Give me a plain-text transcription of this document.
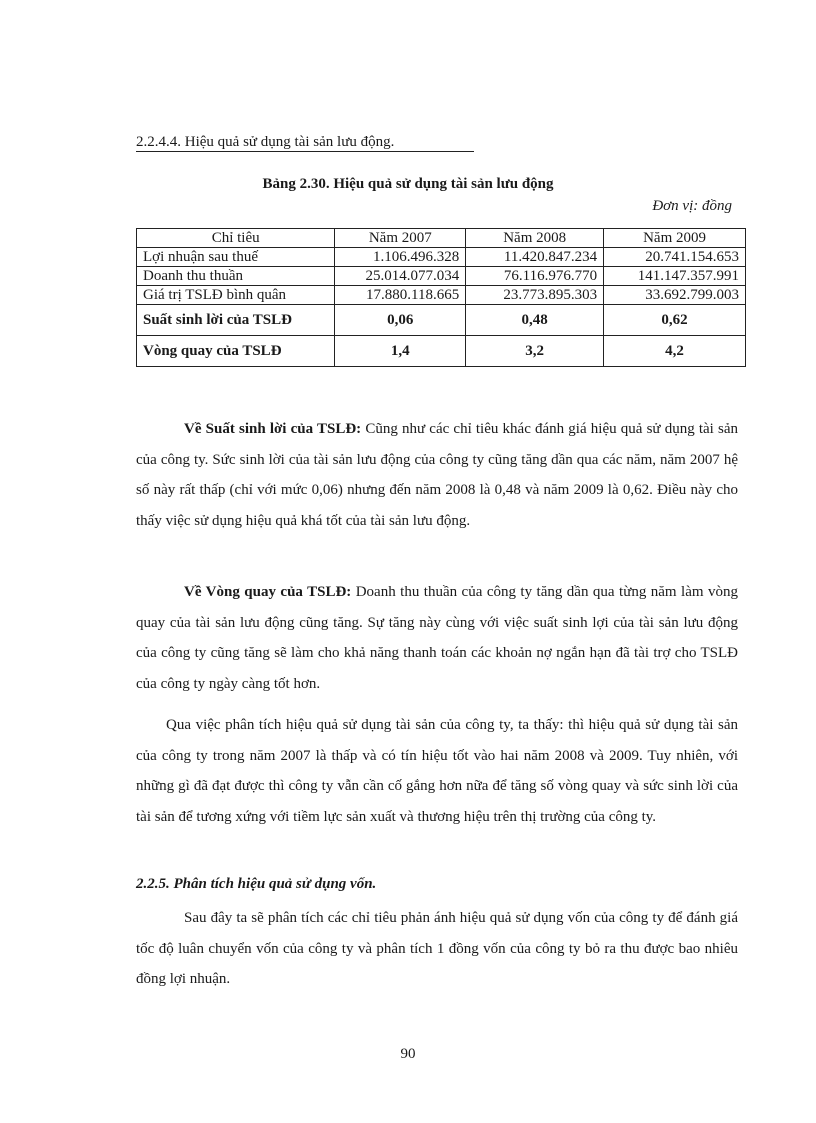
2.2.4.4. Hiệu quả sử dụng tài sản lưu động.
Bảng 2.30. Hiệu quả sử dụng tài sản lưu động
Đơn vị: đồng
Chỉ tiêu	Năm 2007	Năm 2008	Năm 2009
Lợi nhuận sau thuế	1.106.496.328	11.420.847.234	20.741.154.653
Doanh thu thuần	25.014.077.034	76.116.976.770	141.147.357.991
Giá trị TSLĐ bình quân	17.880.118.665	23.773.895.303	33.692.799.003
Suất sinh lời của TSLĐ	0,06	0,48	0,62
Vòng quay của TSLĐ	1,4	3,2	4,2

Về Suất sinh lời của TSLĐ: Cũng như các chỉ tiêu khác đánh giá hiệu quả sử dụng tài sản của công ty. Sức sinh lời của tài sản lưu động của công ty cũng tăng dần qua các năm, năm 2007 hệ số này rất thấp (chỉ với mức 0,06) nhưng đến năm 2008 là 0,48 và năm 2009 là 0,62. Điều này cho thấy việc sử dụng hiệu quả khá tốt của tài sản lưu động.

Về Vòng quay của TSLĐ: Doanh thu thuần của công ty tăng dần qua từng năm làm vòng quay của tài sản lưu động cũng tăng. Sự tăng này cùng với việc suất sinh lợi của tài sản lưu động của công ty cũng tăng sẽ làm cho khả năng thanh toán các khoản nợ ngắn hạn đã tài trợ cho TSLĐ của công ty ngày càng tốt hơn.

Qua việc phân tích hiệu quả sử dụng tài sản của công ty, ta thấy: thì hiệu quả sử dụng tài sản của công ty trong năm 2007 là thấp và có tín hiệu tốt vào hai năm 2008 và 2009. Tuy nhiên, với những gì đã đạt được thì công ty vẫn cần cố gắng hơn nữa để tăng số vòng quay và sức sinh lời của tài sản để tương xứng với tiềm lực sản xuất và thương hiệu trên thị trường của công ty.

2.2.5. Phân tích hiệu quả sử dụng vốn.

Sau đây ta sẽ phân tích các chỉ tiêu phản ánh hiệu quả sử dụng vốn của công ty để đánh giá tốc độ luân chuyển vốn của công ty và phân tích 1 đồng vốn của công ty bỏ ra thu được bao nhiêu đồng lợi nhuận.

90
